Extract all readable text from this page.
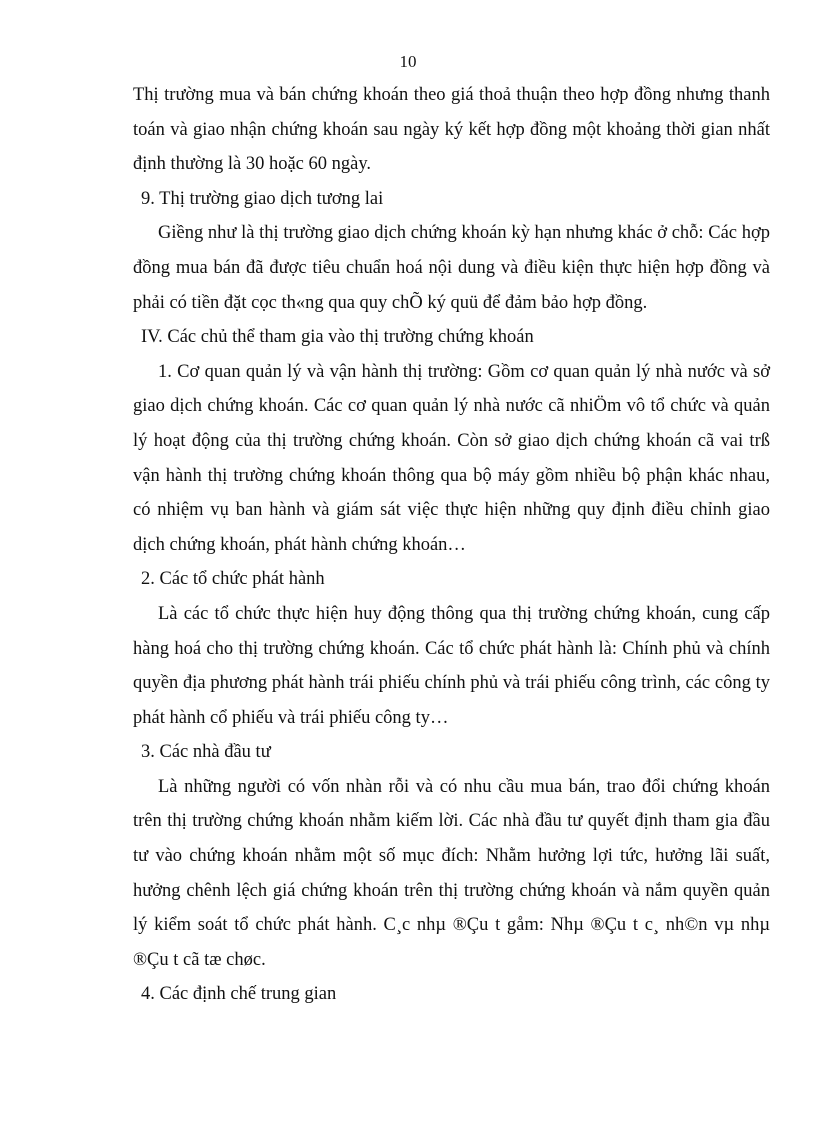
10

Thị trường mua và bán chứng khoán theo giá thoả thuận theo hợp đồng nhưng thanh toán và giao nhận chứng khoán sau ngày ký kết hợp đồng một khoảng thời gian nhất định thường là 30 hoặc 60 ngày.

9. Thị trường giao dịch tương lai

Giềng như là thị trường giao dịch chứng khoán kỳ hạn nhưng khác ở chỗ: Các hợp đồng mua bán đã được tiêu chuẩn hoá nội dung và điều kiện thực hiện hợp đồng và phải có tiền đặt cọc th«ng qua quy chÕ ký quü để đảm bảo hợp đồng.

IV. Các chủ thể tham gia vào thị trường chứng khoán

1. Cơ quan quản lý và vận hành thị trường: Gồm cơ quan quản lý nhà nước và sở giao dịch chứng khoán. Các cơ quan quản lý nhà nước cã nhiÖm vô tổ chức và quản lý hoạt động của thị trường chứng khoán. Còn sở giao dịch chứng khoán cã vai trß vận hành thị trường chứng khoán thông qua bộ máy gồm nhiều bộ phận khác nhau, có nhiệm vụ ban hành và giám sát việc thực hiện những quy định điều chỉnh giao dịch chứng khoán, phát hành chứng khoán…

2. Các tổ chức phát hành

Là các tổ chức thực hiện huy động thông qua thị trường chứng khoán, cung cấp hàng hoá cho thị trường chứng khoán. Các tổ chức phát hành là: Chính phủ và chính quyền địa phương phát hành trái phiếu chính phủ và trái phiếu công trình, các công ty phát hành cổ phiếu và trái phiếu công ty…

3. Các nhà đầu tư

Là những người có vốn nhàn rỗi và có nhu cầu mua bán, trao đổi chứng khoán trên thị trường chứng khoán nhằm kiếm lời. Các nhà đầu tư quyết định tham gia đầu tư vào chứng khoán nhằm một số mục đích: Nhằm hưởng lợi tức, hưởng lãi suất, hưởng chênh lệch giá chứng khoán trên thị trường chứng khoán và nắm quyền quản lý kiểm soát tổ chức phát hành. C¸c nhµ ®Çu t gåm: Nhµ ®Çu t c¸ nh©n vµ nhµ ®Çu t cã tæ chøc.

4. Các định chế trung gian
